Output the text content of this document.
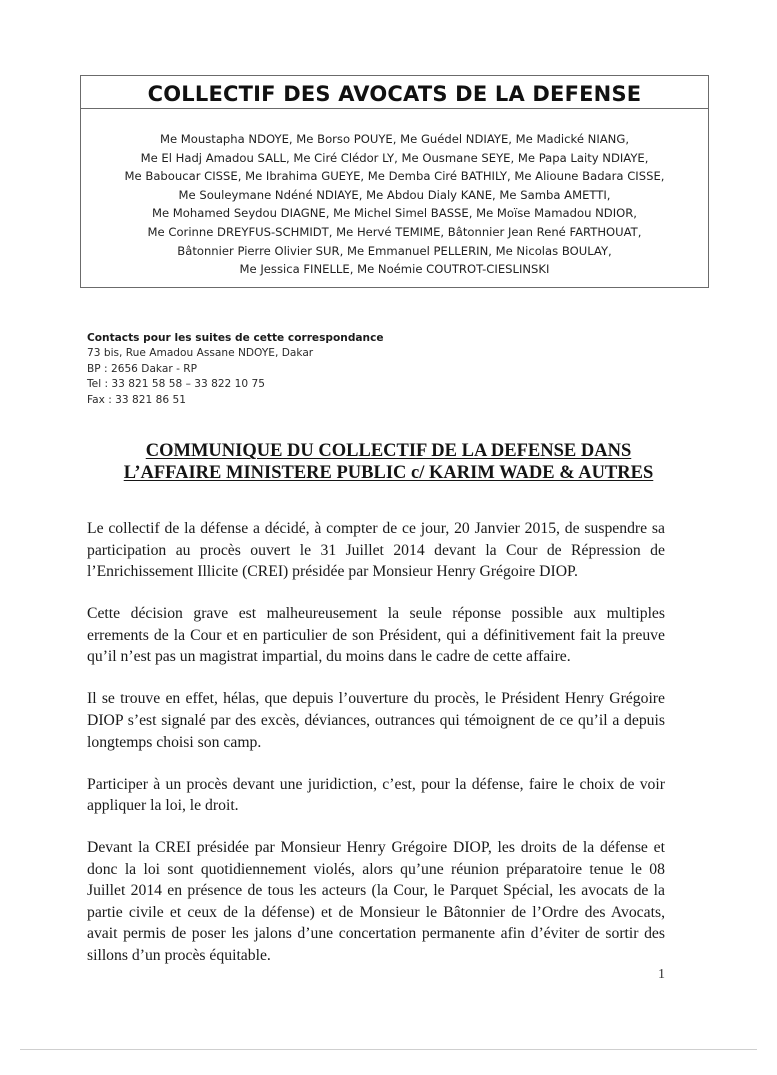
COLLECTIF DES AVOCATS DE LA DEFENSE
Me Moustapha NDOYE, Me Borso POUYE, Me Guédel NDIAYE, Me Madické NIANG,
Me El Hadj Amadou SALL, Me Ciré Clédor LY, Me Ousmane SEYE, Me Papa Laity NDIAYE,
Me Baboucar CISSE, Me Ibrahima GUEYE, Me Demba Ciré BATHILY, Me Alioune Badara CISSE,
Me Souleymane Ndéné NDIAYE, Me Abdou Dialy KANE, Me Samba AMETTI,
Me Mohamed Seydou DIAGNE, Me Michel Simel BASSE, Me Moïse Mamadou NDIOR,
Me Corinne DREYFUS-SCHMIDT, Me Hervé TEMIME, Bâtonnier Jean René FARTHOUAT,
Bâtonnier Pierre Olivier SUR, Me Emmanuel PELLERIN, Me Nicolas BOULAY,
Me Jessica FINELLE, Me Noémie COUTROT-CIESLINSKI
Contacts pour les suites de cette correspondance
73 bis, Rue Amadou Assane NDOYE, Dakar
BP : 2656 Dakar - RP
Tel : 33 821 58 58 – 33 822 10 75
Fax : 33 821 86 51
COMMUNIQUE DU COLLECTIF DE LA DEFENSE DANS
L’AFFAIRE MINISTERE PUBLIC c/ KARIM WADE & AUTRES

Le collectif de la défense a décidé, à compter de ce jour, 20 Janvier 2015, de suspendre sa participation au procès ouvert le 31 Juillet 2014 devant la Cour de Répression de l’Enrichissement Illicite (CREI) présidée par Monsieur Henry Grégoire DIOP.

Cette décision grave est malheureusement la seule réponse possible aux multiples errements de la Cour et en particulier de son Président, qui a définitivement fait la preuve qu’il n’est pas un magistrat impartial, du moins dans le cadre de cette affaire.

Il se trouve en effet, hélas, que depuis l’ouverture du procès, le Président Henry Grégoire DIOP s’est signalé par des excès, déviances, outrances qui témoignent de ce qu’il a depuis longtemps choisi son camp.

Participer à un procès devant une juridiction, c’est, pour la défense, faire le choix de voir appliquer la loi, le droit.

Devant la CREI présidée par Monsieur Henry Grégoire DIOP, les droits de la défense et donc la loi sont quotidiennement violés, alors qu’une réunion préparatoire tenue le 08 Juillet 2014 en présence de tous les acteurs (la Cour, le Parquet Spécial, les avocats de la partie civile et ceux de la défense) et de Monsieur le Bâtonnier de l’Ordre des Avocats, avait permis de poser les jalons d’une concertation permanente afin d’éviter de sortir des sillons d’un procès équitable.

1
